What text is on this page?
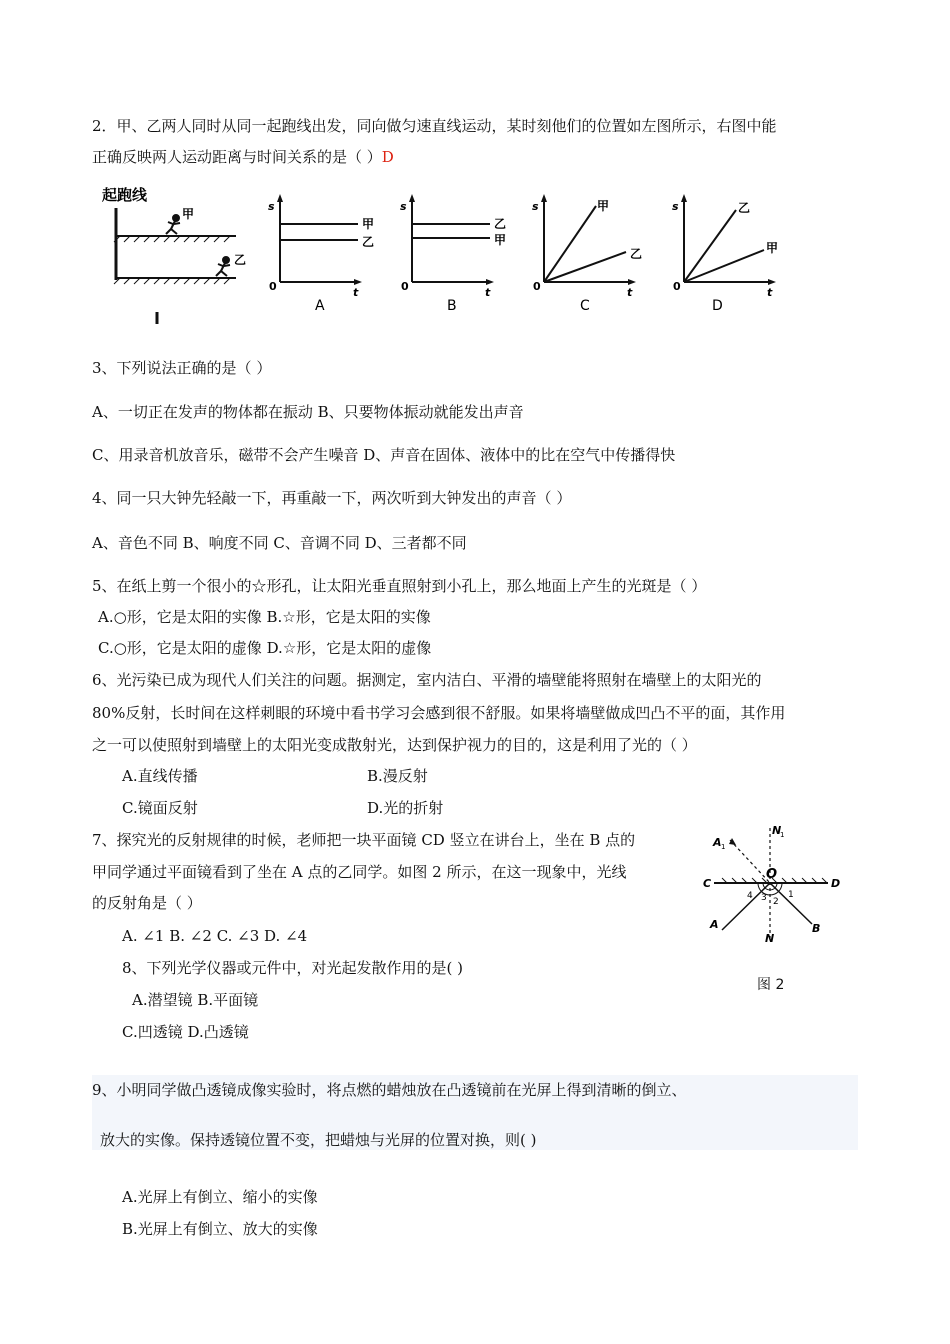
2．甲、乙两人同时从同一起跑线出发，同向做匀速直线运动，某时刻他们的位置如左图所示，右图中能
正确反映两人运动距离与时间关系的是（ ）D
起跑线
甲
乙
s
t
0
甲
乙
A
s
t
0
乙
甲
B
s
t
0
甲
乙
C
s
t
0
乙
甲
D
3、下列说法正确的是（ ）
A、一切正在发声的物体都在振动 B、只要物体振动就能发出声音
C、用录音机放音乐，磁带不会产生噪音 D、声音在固体、液体中的比在空气中传播得快
4、同一只大钟先轻敲一下，再重敲一下，两次听到大钟发出的声音（ ）
A、音色不同 B、响度不同 C、音调不同 D、三者都不同
5、在纸上剪一个很小的☆形孔，让太阳光垂直照射到小孔上，那么地面上产生的光斑是（ ）
A.○形，它是太阳的实像 B.☆形，它是太阳的实像
C.○形，它是太阳的虚像 D.☆形，它是太阳的虚像
6、光污染已成为现代人们关注的问题。据测定，室内洁白、平滑的墙壁能将照射在墙壁上的太阳光的
80%反射，长时间在这样刺眼的环境中看书学习会感到很不舒服。如果将墙壁做成凹凸不平的面，其作用
之一可以使照射到墙壁上的太阳光变成散射光，达到保护视力的目的，这是利用了光的（ ）
A.直线传播	B.漫反射
C.镜面反射	D.光的折射
7、探究光的反射规律的时候，老师把一块平面镜 CD 竖立在讲台上，坐在 B 点的
甲同学通过平面镜看到了坐在 A 点的乙同学。如图 2 所示，在这一现象中，光线
的反射角是（ ）
A. ∠1 B. ∠2 C. ∠3 D. ∠4
N
1
A 1
O
C	D
A	B
N
1
2
3
4
图 2
8、下列光学仪器或元件中，对光起发散作用的是( )
A.潜望镜 B.平面镜
C.凹透镜 D.凸透镜
9、小明同学做凸透镜成像实验时，将点燃的蜡烛放在凸透镜前在光屏上得到清晰的倒立、
放大的实像。保持透镜位置不变，把蜡烛与光屏的位置对换，则( )
A.光屏上有倒立、缩小的实像
B.光屏上有倒立、放大的实像
